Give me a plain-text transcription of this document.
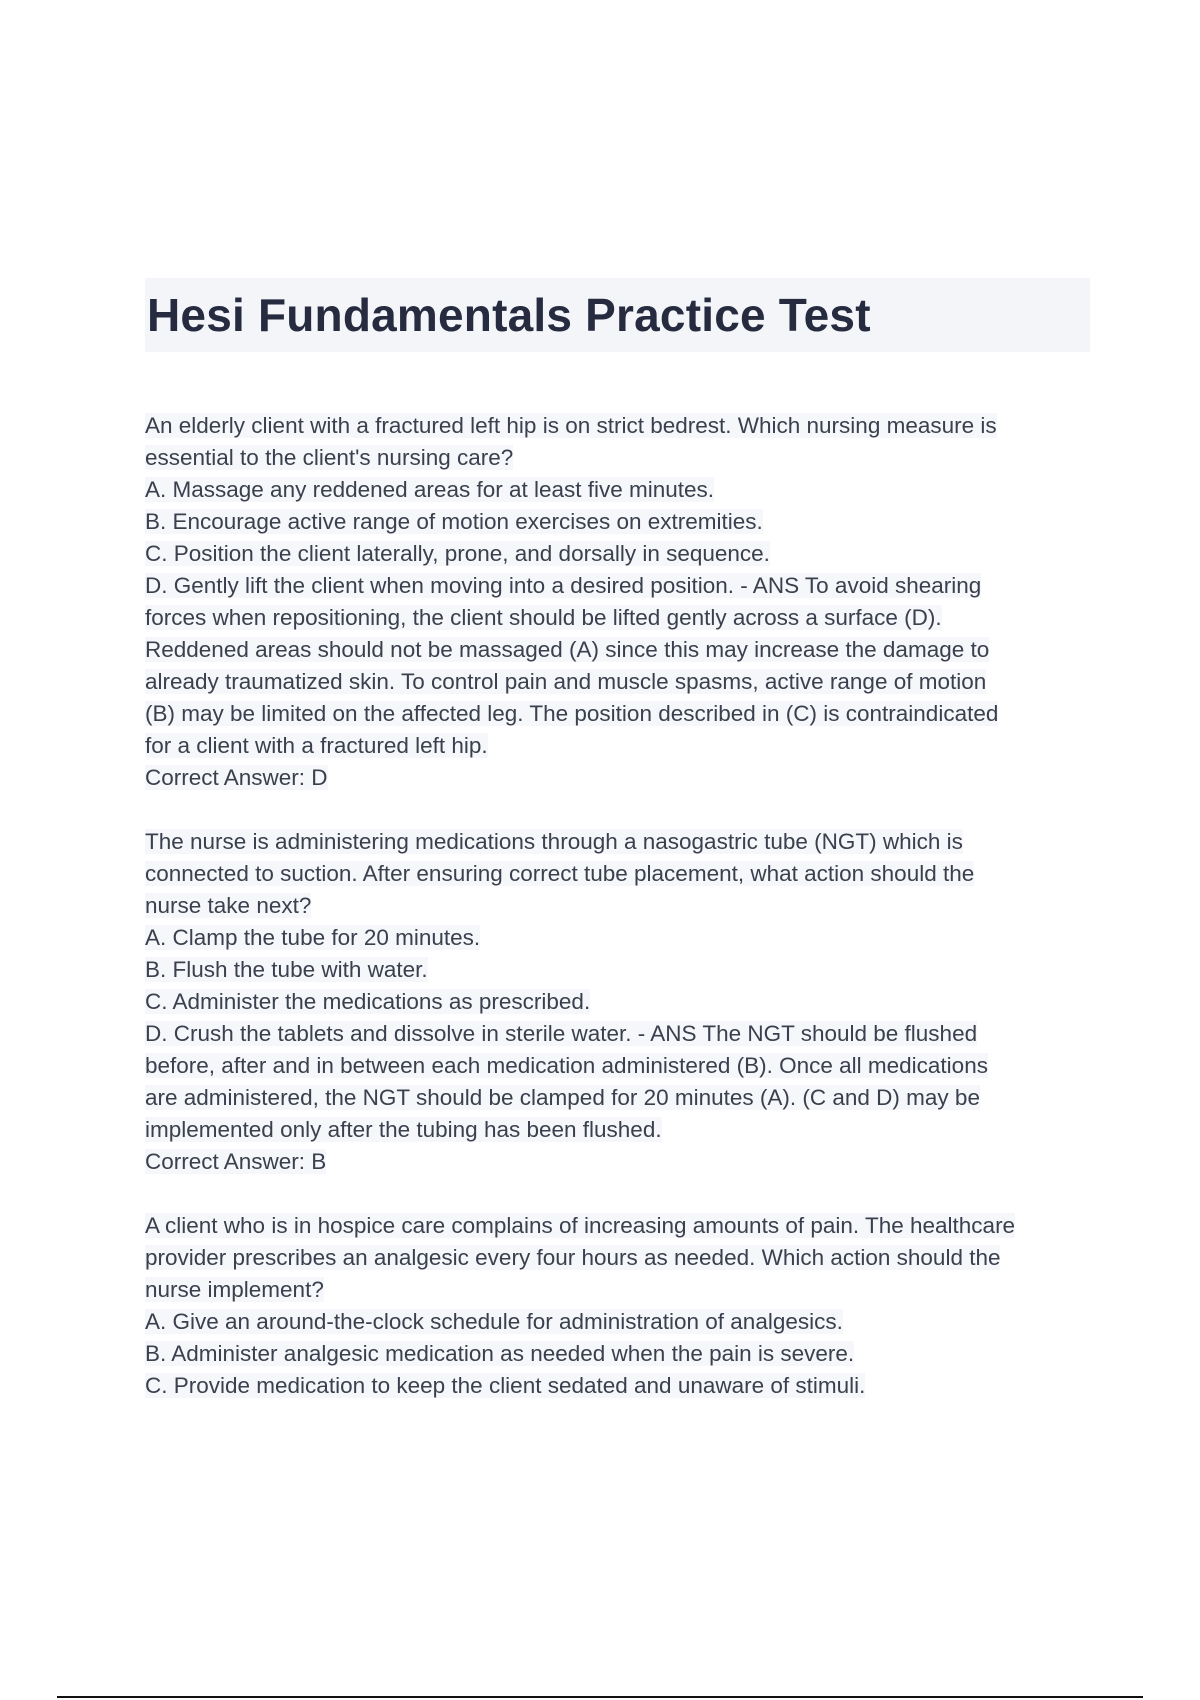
Hesi Fundamentals Practice Test
An elderly client with a fractured left hip is on strict bedrest. Which nursing measure is
essential to the client's nursing care?
A. Massage any reddened areas for at least five minutes.
B. Encourage active range of motion exercises on extremities.
C. Position the client laterally, prone, and dorsally in sequence.
D. Gently lift the client when moving into a desired position. - ANS To avoid shearing
forces when repositioning, the client should be lifted gently across a surface (D).
Reddened areas should not be massaged (A) since this may increase the damage to
already traumatized skin. To control pain and muscle spasms, active range of motion
(B) may be limited on the affected leg. The position described in (C) is contraindicated
for a client with a fractured left hip.
Correct Answer: D
The nurse is administering medications through a nasogastric tube (NGT) which is
connected to suction. After ensuring correct tube placement, what action should the
nurse take next?
A. Clamp the tube for 20 minutes.
B. Flush the tube with water.
C. Administer the medications as prescribed.
D. Crush the tablets and dissolve in sterile water. - ANS The NGT should be flushed
before, after and in between each medication administered (B). Once all medications
are administered, the NGT should be clamped for 20 minutes (A). (C and D) may be
implemented only after the tubing has been flushed.
Correct Answer: B
A client who is in hospice care complains of increasing amounts of pain. The healthcare
provider prescribes an analgesic every four hours as needed. Which action should the
nurse implement?
A. Give an around-the-clock schedule for administration of analgesics.
B. Administer analgesic medication as needed when the pain is severe.
C. Provide medication to keep the client sedated and unaware of stimuli.
